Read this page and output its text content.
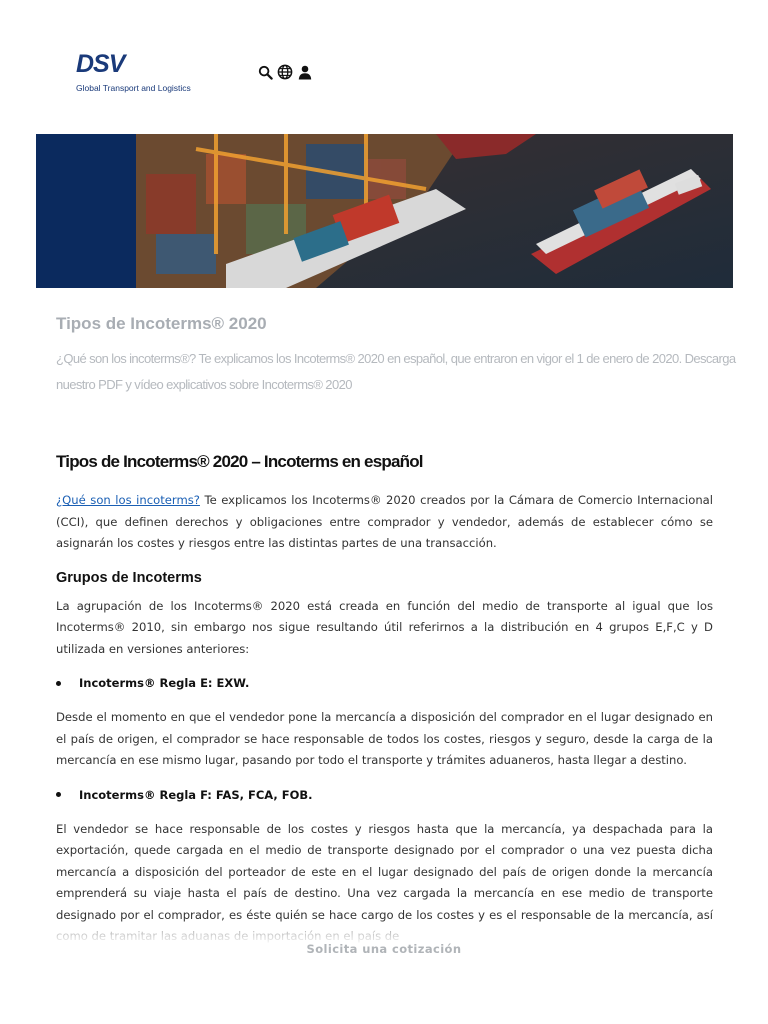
DSV
Global Transport and Logistics
Tipos de Incoterms® 2020
¿Qué son los incoterms®? Te explicamos los Incoterms® 2020 en español, que entraron en vigor el 1 de enero de 2020. Descarga nuestro PDF y vídeo explicativos sobre Incoterms® 2020
Tipos de Incoterms® 2020 – Incoterms en español

¿Qué son los incoterms? Te explicamos los Incoterms® 2020 creados por la Cámara de Comercio Internacional (CCI), que definen derechos y obligaciones entre comprador y vendedor, además de establecer cómo se asignarán los costes y riesgos entre las distintas partes de una transacción.

Grupos de Incoterms

La agrupación de los Incoterms® 2020 está creada en función del medio de transporte al igual que los Incoterms® 2010, sin embargo nos sigue resultando útil referirnos a la distribución en 4 grupos E,F,C y D utilizada en versiones anteriores:

Incoterms® Regla E: EXW.

Desde el momento en que el vendedor pone la mercancía a disposición del comprador en el lugar designado en el país de origen, el comprador se hace responsable de todos los costes, riesgos y seguro, desde la carga de la mercancía en ese mismo lugar, pasando por todo el transporte y trámites aduaneros, hasta llegar a destino.

Incoterms® Regla F: FAS, FCA, FOB.

El vendedor se hace responsable de los costes y riesgos hasta que la mercancía, ya despachada para la exportación, quede cargada en el medio de transporte designado por el comprador o una vez puesta dicha mercancía a disposición del porteador de este en el lugar designado del país de origen donde la mercancía emprenderá su viaje hasta el país de destino. Una vez cargada la mercancía en ese medio de transporte designado por el comprador, es éste quién se hace cargo de los costes y es el responsable de la mercancía, así

Solicita una cotización
